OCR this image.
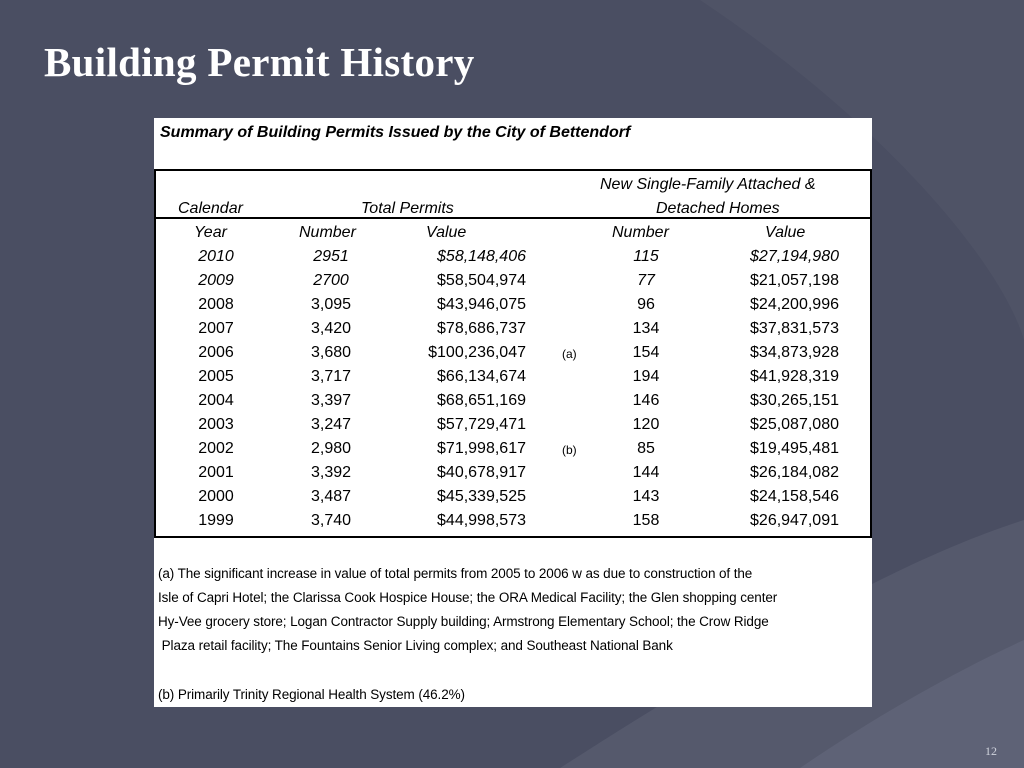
Building Permit History
Summary of Building Permits Issued by the City of Bettendorf
New Single-Family Attached &
Calendar	Total Permits	Detached Homes
Year	Number	Value	Number	Value
2010	2951	$58,148,406	115	$27,194,980
2009	2700	$58,504,974	77	$21,057,198
2008	3,095	$43,946,075	96	$24,200,996
2007	3,420	$78,686,737	134	$37,831,573
2006	3,680	$100,236,047	(a)	154	$34,873,928
2005	3,717	$66,134,674	194	$41,928,319
2004	3,397	$68,651,169	146	$30,265,151
2003	3,247	$57,729,471	120	$25,087,080
2002	2,980	$71,998,617	(b)	85	$19,495,481
2001	3,392	$40,678,917	144	$26,184,082
2000	3,487	$45,339,525	143	$24,158,546
1999	3,740	$44,998,573	158	$26,947,091
(a) The significant increase in value of total permits from 2005 to 2006 w as due to construction of the
Isle of Capri Hotel; the Clarissa Cook Hospice House; the ORA Medical Facility; the Glen shopping center
Hy-Vee grocery store; Logan Contractor Supply building; Armstrong Elementary School; the Crow Ridge
Plaza retail facility; The Fountains Senior Living complex; and Southeast National Bank
(b) Primarily Trinity Regional Health System (46.2%)
12
